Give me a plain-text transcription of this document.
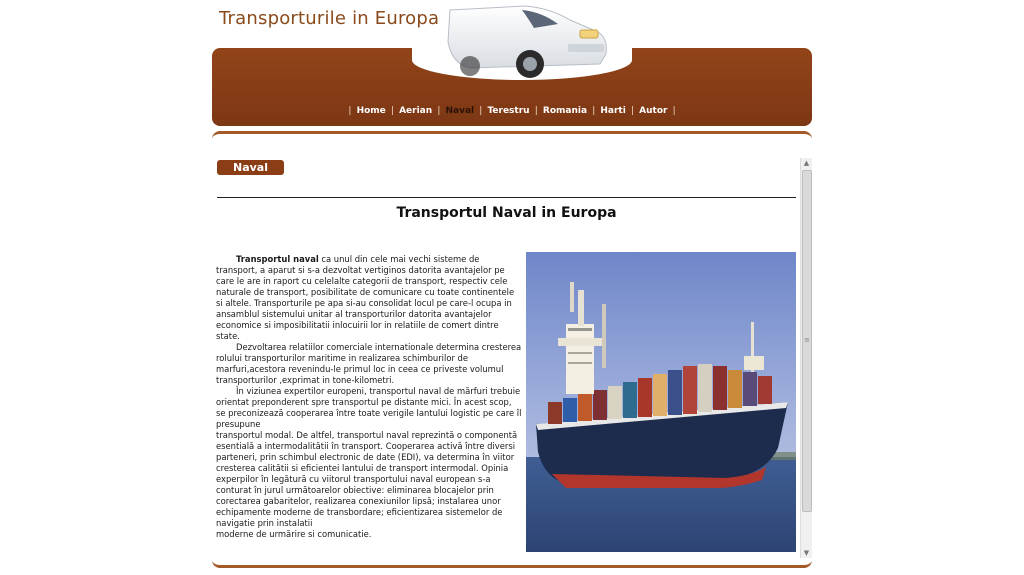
Transporturile in Europa
| Home | Aerian | Naval | Terestru | Romania | Harti | Autor |
Naval
Transportul Naval in Europa

Transportul naval ca unul din cele mai vechi sisteme de transport, a aparut si s-a dezvoltat vertiginos datorita avantajelor pe care le are in raport cu celelalte categorii de transport, respectiv cele naturale de transport, posibilitate de comunicare cu toate continentele si altele. Transporturile pe apa si-au consolidat locul pe care-l ocupa in ansamblul sistemului unitar al transporturilor datorita avantajelor economice si imposibilitatii inlocuirii lor in relatiile de comert dintre state.

Dezvoltarea relatiilor comerciale internationale determina cresterea rolului transporturilor maritime in realizarea schimburilor de marfuri,acestora revenindu-le primul loc in ceea ce priveste volumul transporturilor ,exprimat in tone-kilometri.

În viziunea expertilor europeni, transportul naval de mărfuri trebuie orientat preponderent spre transportul pe distante mici. În acest scop, se preconizează cooperarea între toate verigile lantului logistic pe care îl presupune

transportul modal. De altfel, transportul naval reprezintă o componentă esentială a intermodalitătii în transport. Cooperarea activă între diversi parteneri, prin schimbul electronic de date (EDI), va determina în viitor cresterea calitătii si eficientei lantului de transport intermodal. Opinia experpilor în legătură cu viitorul transportului naval european s-a conturat în jurul următoarelor obiective: eliminarea blocajelor prin corectarea gabaritelor, realizarea conexiunilor lipsă; instalarea unor echipamente moderne de transbordare; eficientizarea sistemelor de navigatie prin instalatii

moderne de urmărire si comunicatie.

▲
≡
▼
